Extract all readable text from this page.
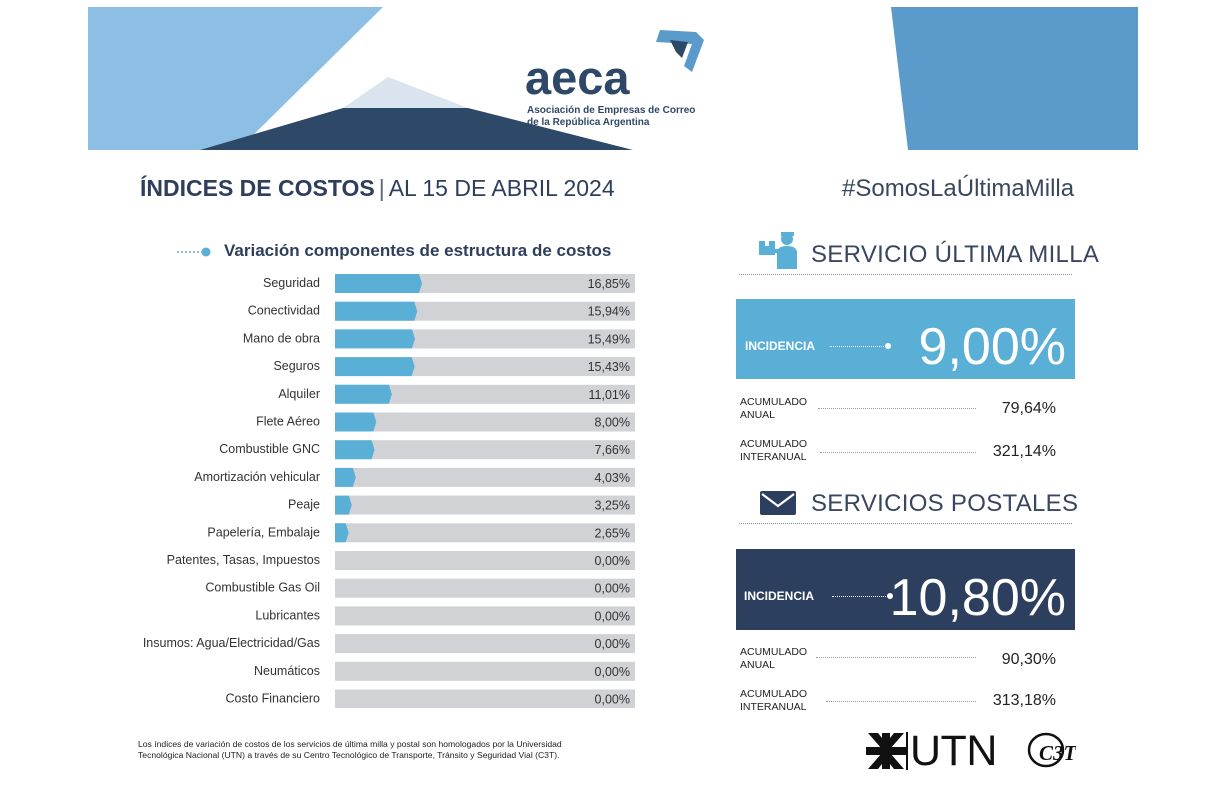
aeca
Asociación de Empresas de Correo
de la República Argentina
ÍNDICES DE COSTOS | AL 15 DE ABRIL 2024	#SomosLaÚltimaMilla
Variación componentes de estructura de costos
Seguridad	16,85%
Conectividad	15,94%
Mano de obra	15,49%
Seguros	15,43%
Alquiler	11,01%
Flete Aéreo	8,00%
Combustible GNC	7,66%
Amortización vehicular	4,03%
Peaje	3,25%
Papelería, Embalaje	2,65%
Patentes, Tasas, Impuestos	0,00%
Combustible Gas Oil	0,00%
Lubricantes	0,00%
Insumos: Agua/Electricidad/Gas	0,00%
Neumáticos	0,00%
Costo Financiero	0,00%
Los índices de variación de costos de los servicios de última milla y postal son homologados por la Universidad
Tecnológica Nacional (UTN) a través de su Centro Tecnológico de Transporte, Tránsito y Seguridad Vial (C3T).
SERVICIO ÚLTIMA MILLA
INCIDENCIA 9,00%
ACUMULADO
ANUAL	79,64%
ACUMULADO
INTERANUAL	321,14%
SERVICIOS POSTALES
INCIDENCIA 10,80%
ACUMULADO
ANUAL	90,30%
ACUMULADO
INTERANUAL	313,18%
UTN C3T
